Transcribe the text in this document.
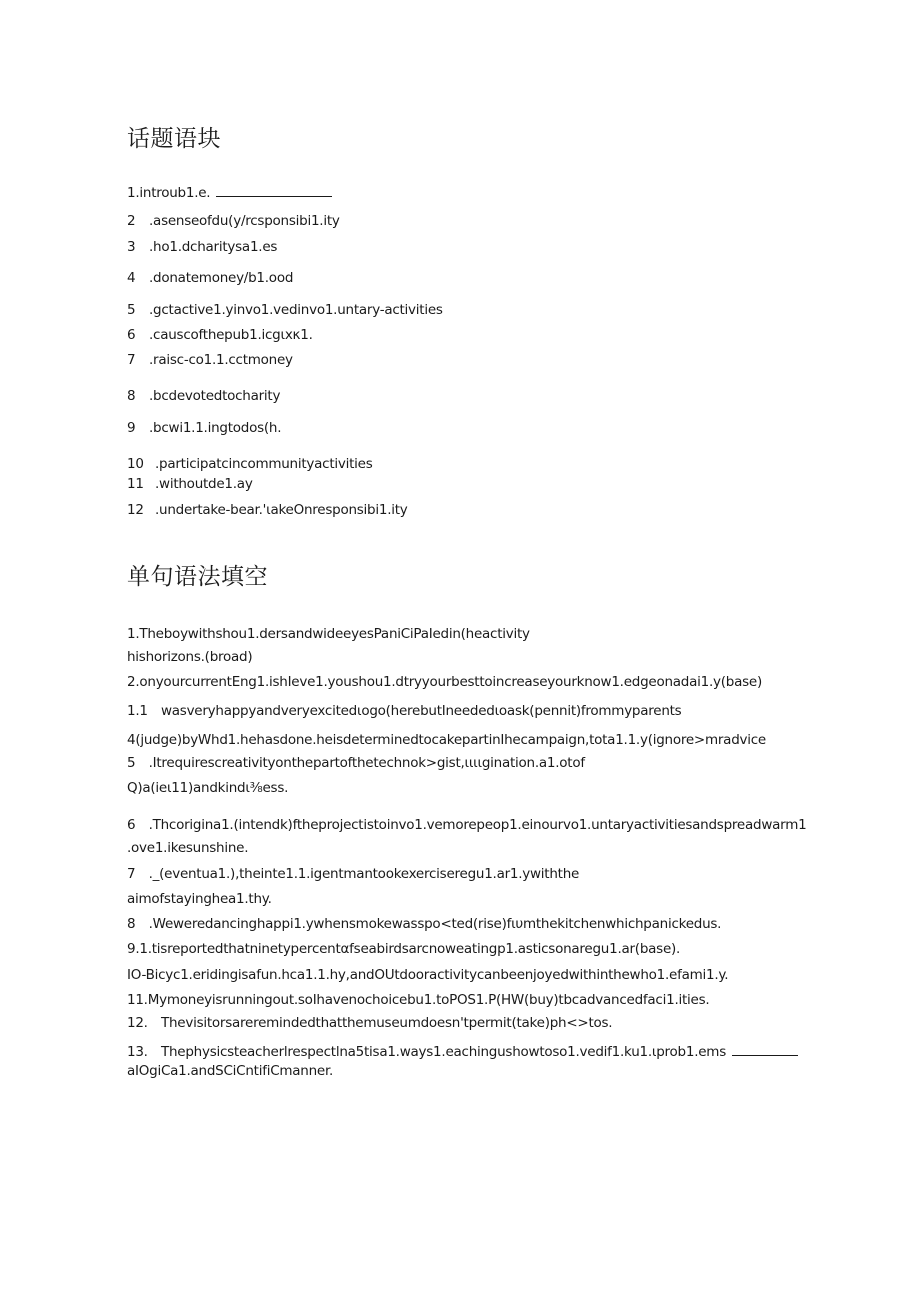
话题语块
1.introub1.e.
2 .asenseofdu(y/rcsponsibi1.ity
3 .ho1.dcharitysa1.es
4 .donatemoney/b1.ood
5 .gctactive1.yinvo1.vedinvo1.untary-activities
6 .causcofthepub1.icgιxκ1.
7 .raisc-co1.1.cctmoney
8 .bcdevotedtocharity
9 .bcwi1.1.ingtodos(h.
10 .participatcincommunityactivities
11 .withoutde1.ay
12 .undertake-bear.'ιakeOnresponsibi1.ity
单句语法填空
1.Theboywithshou1.dersandwideeyesPaniCiPaIedin(heactivity
hishorizons.(broad)
2.onyourcurrentEng1.ishIeve1.youshou1.dtryyourbesttoincreaseyourknow1.edgeonadai1.y(base)
1.1 wasveryhappyandveryexcitedιogo(herebutIneededιoask(pennit)frommyparents
4(judge)byWhd1.hehasdone.heisdeterminedtocakepartinIhecampaign,tota1.1.y(ignore>mradvice
5 .Itrequirescreativityonthepartofthetechnok>gist,ιιιιgination.a1.otof
Q)a(ieι11)andkindι⅜ess.
6 .Thcorigina1.(intendk)ftheprojectistoinvo1.vemorepeop1.einourvo1.untaryactivitiesandspreadwarm1
.ove1.ikesunshine.
7 ._(eventua1.),theinte1.1.igentmantookexerciseregu1.ar1.ywiththe
aimofstayinghea1.thy.
8 .Weweredancinghappi1.ywhensmokewasspo<ted(rise)fιυmthekitchenwhichpanickedus.
9.1.tisreportedthatninetypercentαfseabirdsarcnoweatingp1.asticsonaregu1.ar(base).
IO-Bicyc1.eridingisafun.hca1.1.hy,andOUtdooractivitycanbeenjoyedwithinthewho1.efami1.y.
11.Mymoneyisrunningout.soIhavenochoicebu1.toPOS1.P(HW(buy)tbcadvancedfaci1.ities.
12. Thevisitorsareremindedthatthemuseumdoesn'tpermit(take)ph<>tos.
13. Thephysicsteacherlrespectlna5tisa1.ways1.eachingushowtoso1.vedif1.ku1.ιprob1.ems
aIOgiCa1.andSCiCntifiCmanner.
